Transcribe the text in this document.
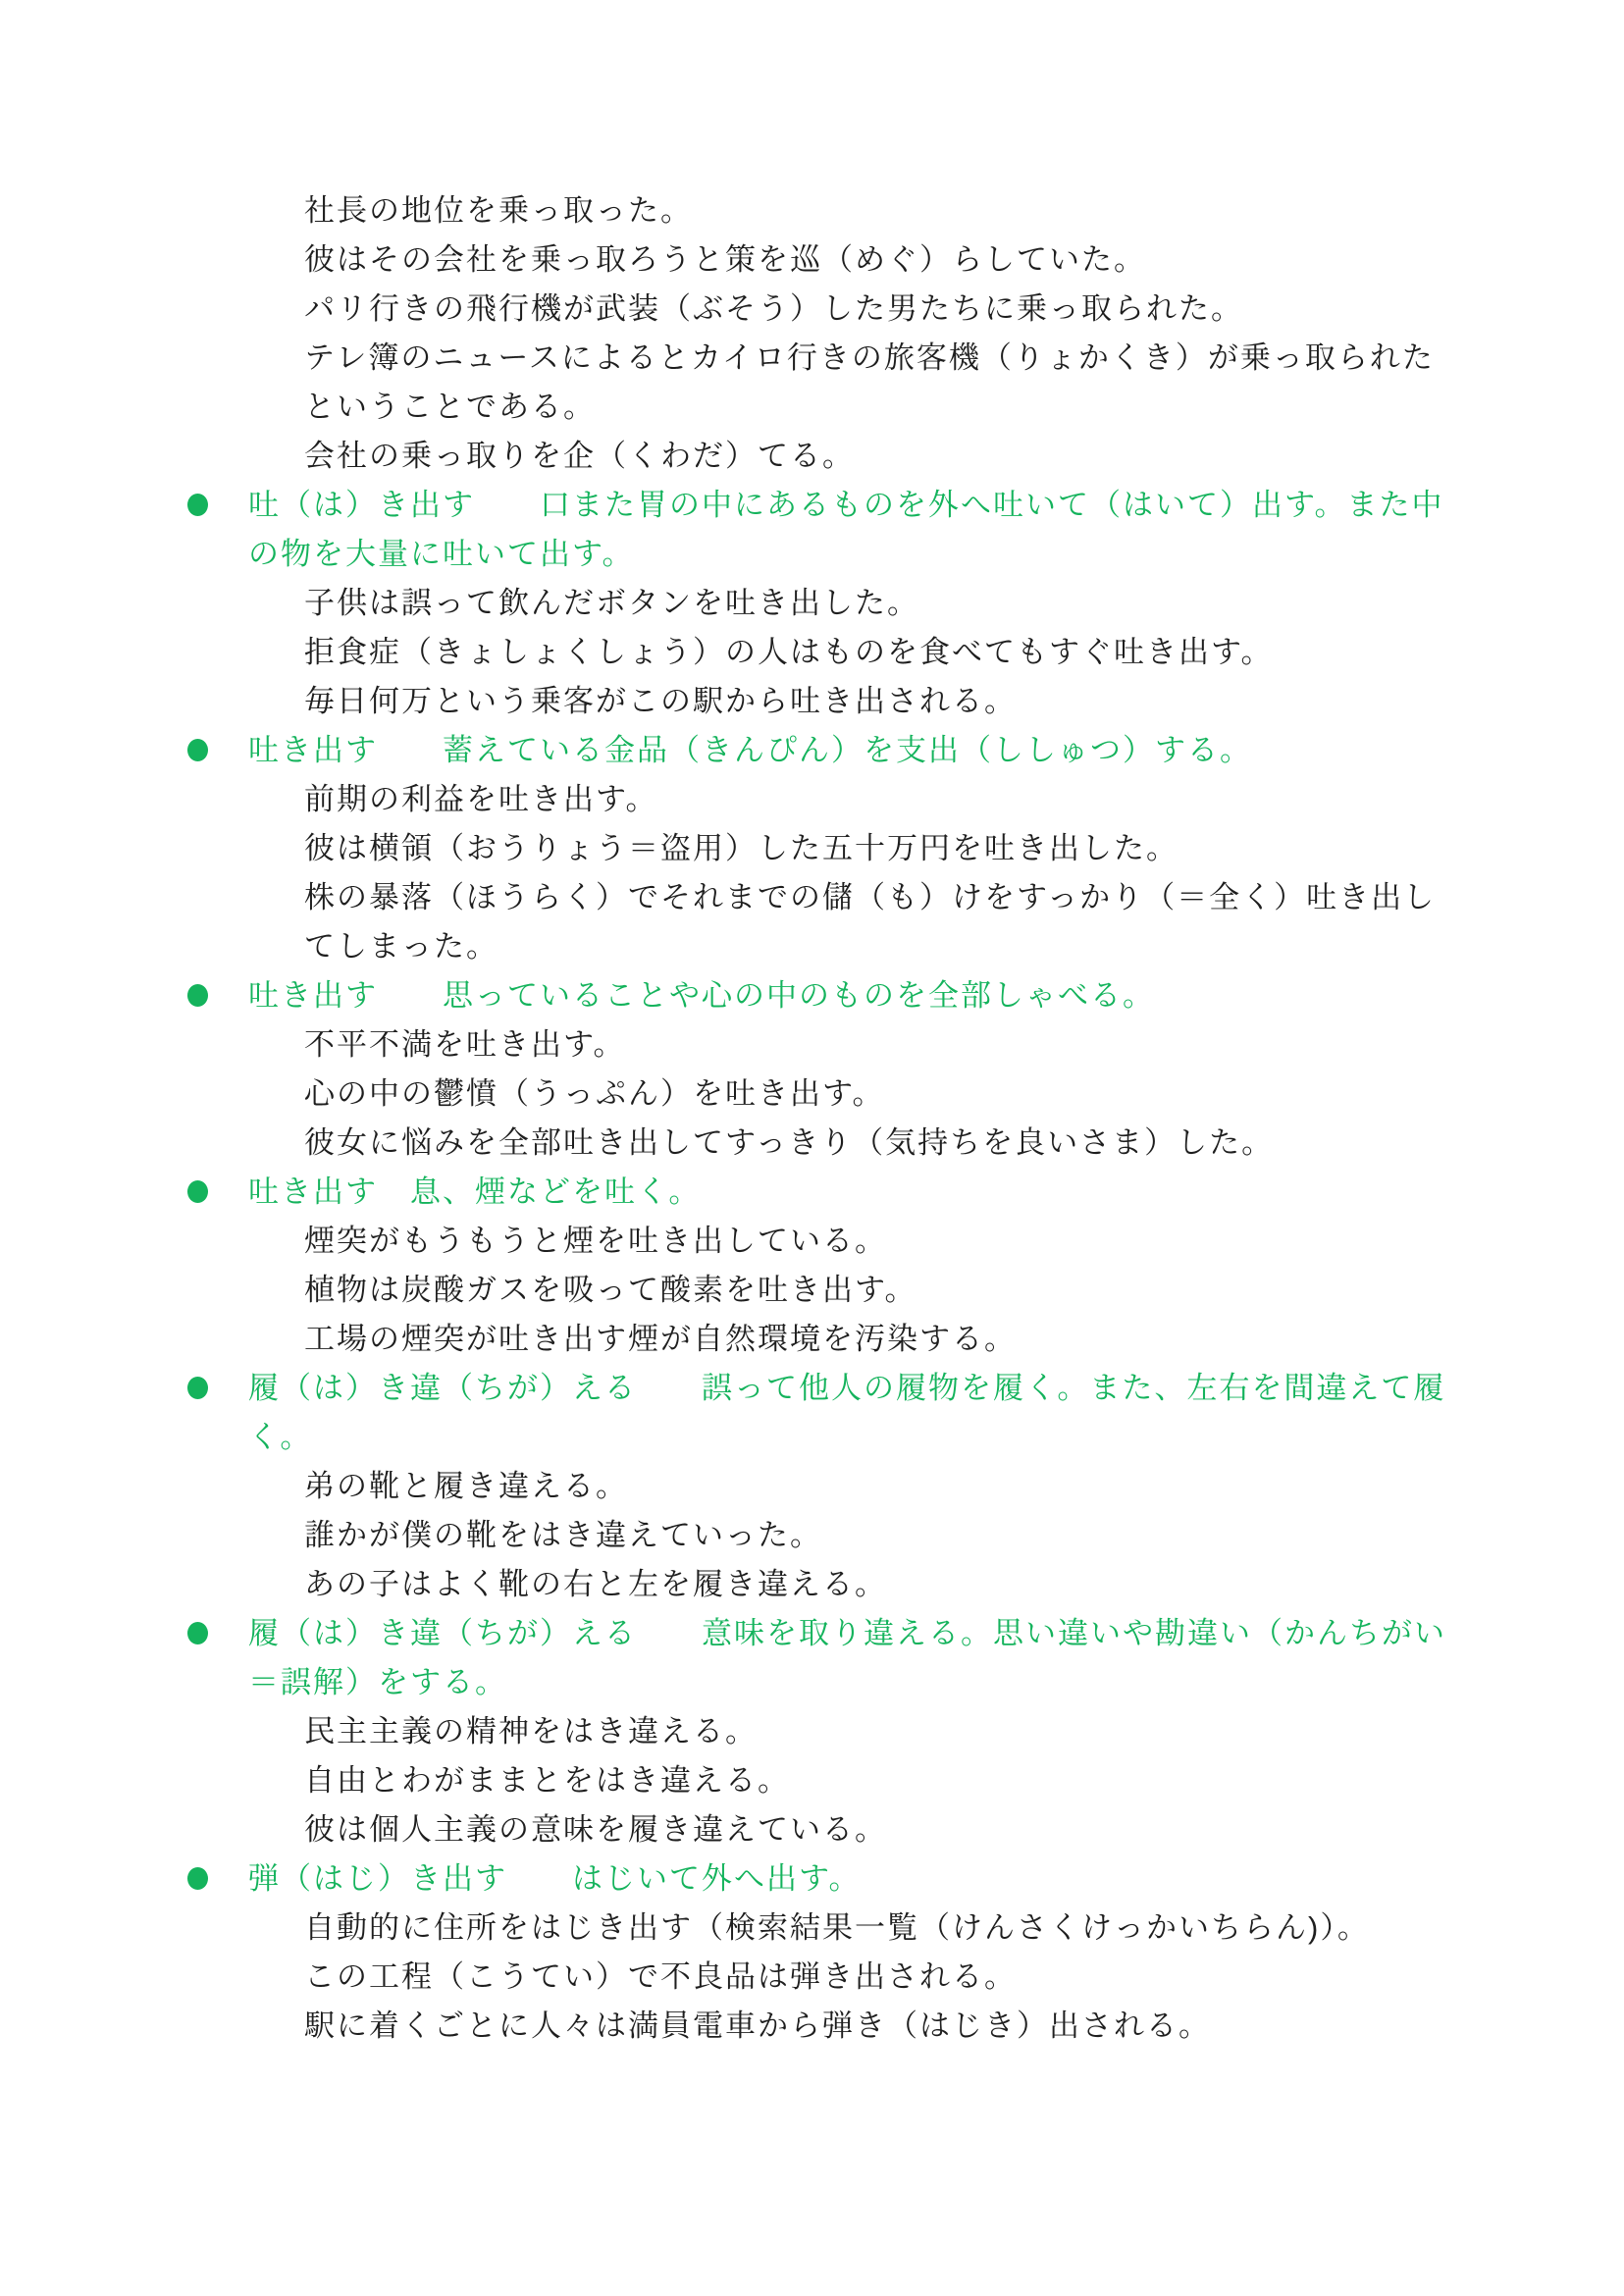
社長の地位を乗っ取った。

彼はその会社を乗っ取ろうと策を巡（めぐ）らしていた。

パリ行きの飛行機が武装（ぶそう）した男たちに乗っ取られた。

テレ簿のニュースによるとカイロ行きの旅客機（りょかくき）が乗っ取られたということである。

会社の乗っ取りを企（くわだ）てる。

吐（は）き出す　　 口また胃の中にあるものを外へ吐いて（はいて）出す。また中の物を大量に吐いて出す。

子供は誤って飲んだボタンを吐き出した。

拒食症（きょしょくしょう）の人はものを食べてもすぐ吐き出す。

毎日何万という乗客がこの駅から吐き出される。

吐き出す　　 蓄えている金品（きんぴん）を支出（ししゅつ）する。

前期の利益を吐き出す。

彼は横領（おうりょう＝盗用）した五十万円を吐き出した。

株の暴落（ほうらく）でそれまでの儲（も）けをすっかり（＝全く）吐き出してしまった。

吐き出す　　 思っていることや心の中のものを全部しゃべる。

不平不満を吐き出す。

心の中の鬱憤（うっぷん）を吐き出す。

彼女に悩みを全部吐き出してすっきり（気持ちを良いさま）した。

吐き出す　 息、煙などを吐く。

煙突がもうもうと煙を吐き出している。

植物は炭酸ガスを吸って酸素を吐き出す。

工場の煙突が吐き出す煙が自然環境を汚染する。

履（は）き違（ちが）える　　 誤って他人の履物を履く。また、左右を間違えて履く。

弟の靴と履き違える。

誰かが僕の靴をはき違えていった。

あの子はよく靴の右と左を履き違える。

履（は）き違（ちが）える　　 意味を取り違える。思い違いや勘違い（かんちがい＝誤解）をする。

民主主義の精神をはき違える。

自由とわがままとをはき違える。

彼は個人主義の意味を履き違えている。

弾（はじ）き出す　　 はじいて外へ出す。

自動的に住所をはじき出す（検索結果一覧（けんさくけっかいちらん)）。

この工程（こうてい）で不良品は弾き出される。

駅に着くごとに人々は満員電車から弾き（はじき）出される。
